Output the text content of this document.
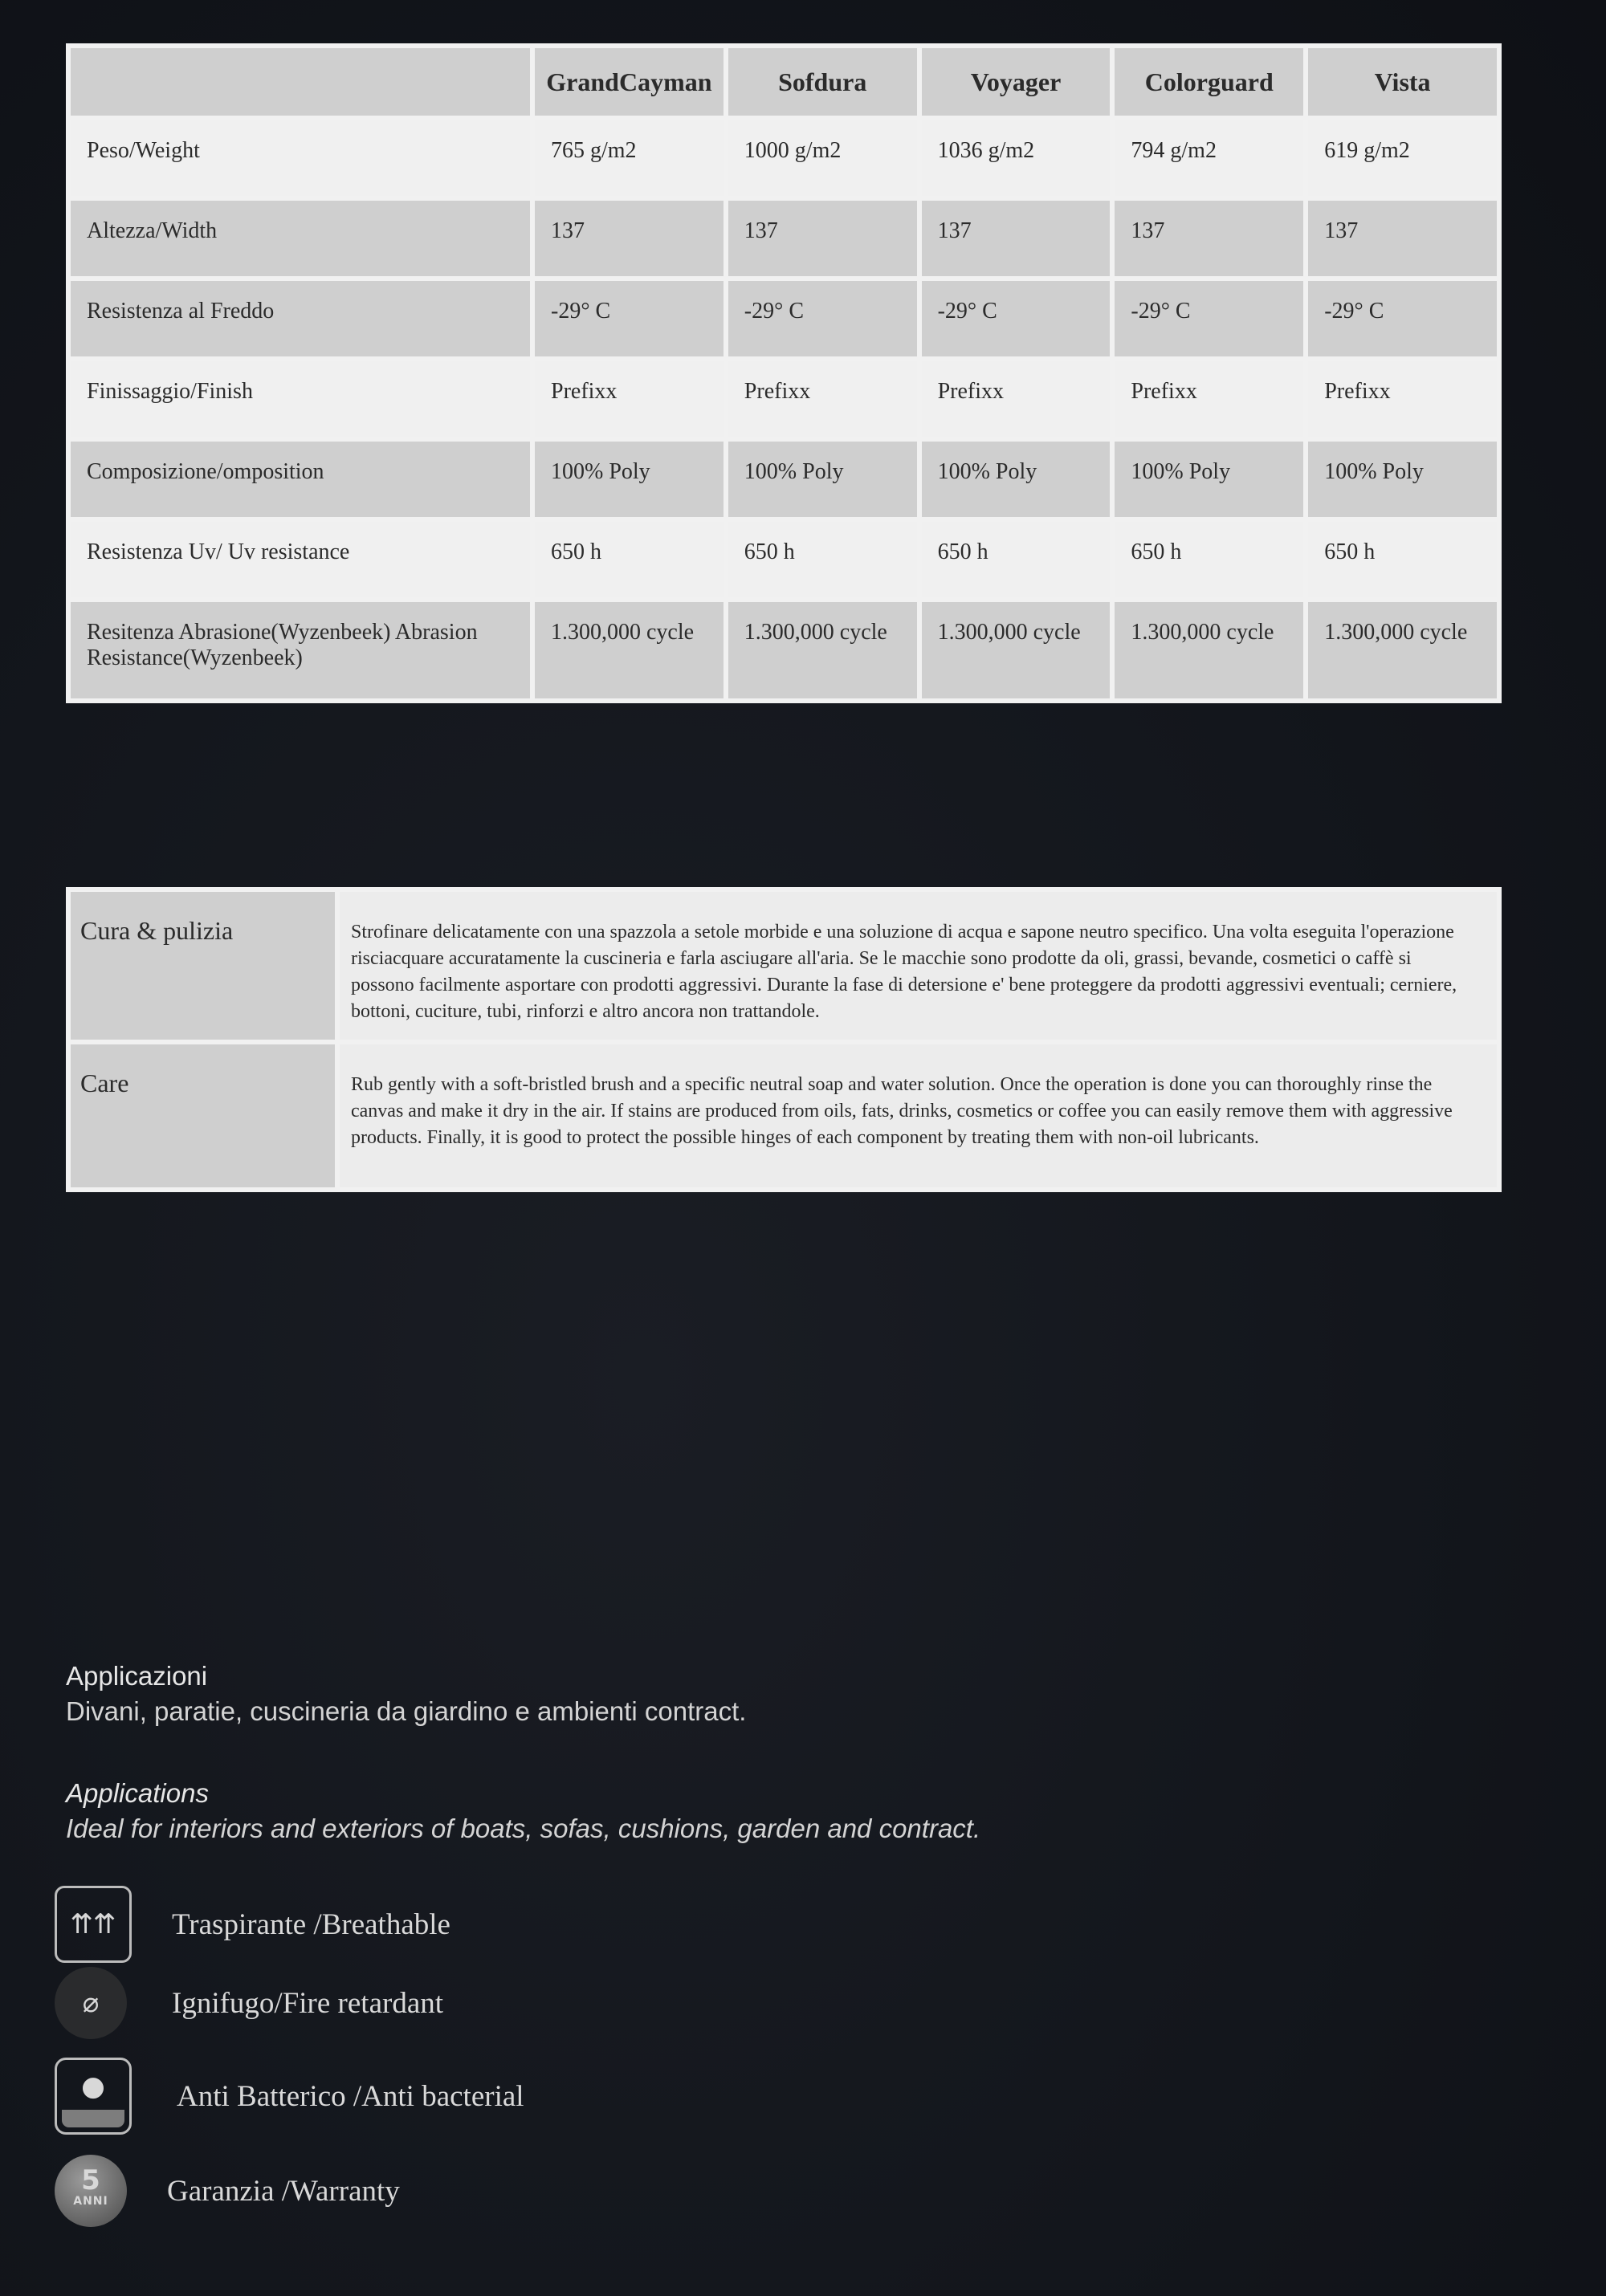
	GrandCayman	Sofdura	Voyager	Colorguard	Vista
Peso/Weight	765 g/m2	1000 g/m2	1036 g/m2	794 g/m2	619 g/m2
Altezza/Width	137	137	137	137	137
Resistenza al Freddo	-29° C	-29° C	-29° C	-29° C	-29° C
Finissaggio/Finish	Prefixx	Prefixx	Prefixx	Prefixx	Prefixx
Composizione/omposition	100% Poly	100% Poly	100% Poly	100% Poly	100% Poly
Resistenza Uv/ Uv resistance	650 h	650 h	650 h	650 h	650 h
Resitenza Abrasione(Wyzenbeek) Abrasion Resistance(Wyzenbeek)	1.300,000 cycle	1.300,000 cycle	1.300,000 cycle	1.300,000 cycle	1.300,000 cycle
Cura & pulizia	Strofinare delicatamente con una spazzola a setole morbide e una soluzione di acqua e sapone neutro specifico. Una volta eseguita l'operazione risciacquare accuratamente la cuscineria e farla asciugare all'aria. Se le macchie sono prodotte da oli, grassi, bevande, cosmetici o caffè si possono facilmente asportare con prodotti aggressivi. Durante la fase di detersione e' bene proteggere da prodotti aggressivi eventuali; cerniere, bottoni, cuciture, tubi, rinforzi e altro ancora non trattandole.
Care	Rub gently with a soft-bristled brush and a specific neutral soap and water solution. Once the operation is done you can thoroughly rinse the canvas and make it dry in the air. If stains are produced from oils, fats, drinks, cosmetics or coffee you can easily remove them with aggressive products. Finally, it is good to protect the possible hinges of each component by treating them with non-oil lubricants.

Applicazioni

Divani, paratie, cuscineria da giardino e ambienti contract.

Applications

Ideal for interiors and exteriors of boats, sofas, cushions, garden and contract.

⇈⇈ Traspirante /Breathable
⌀	Ignifugo/Fire retardant
● Anti Batterico /Anti bacterial
5
ANNI Garanzia /Warranty
